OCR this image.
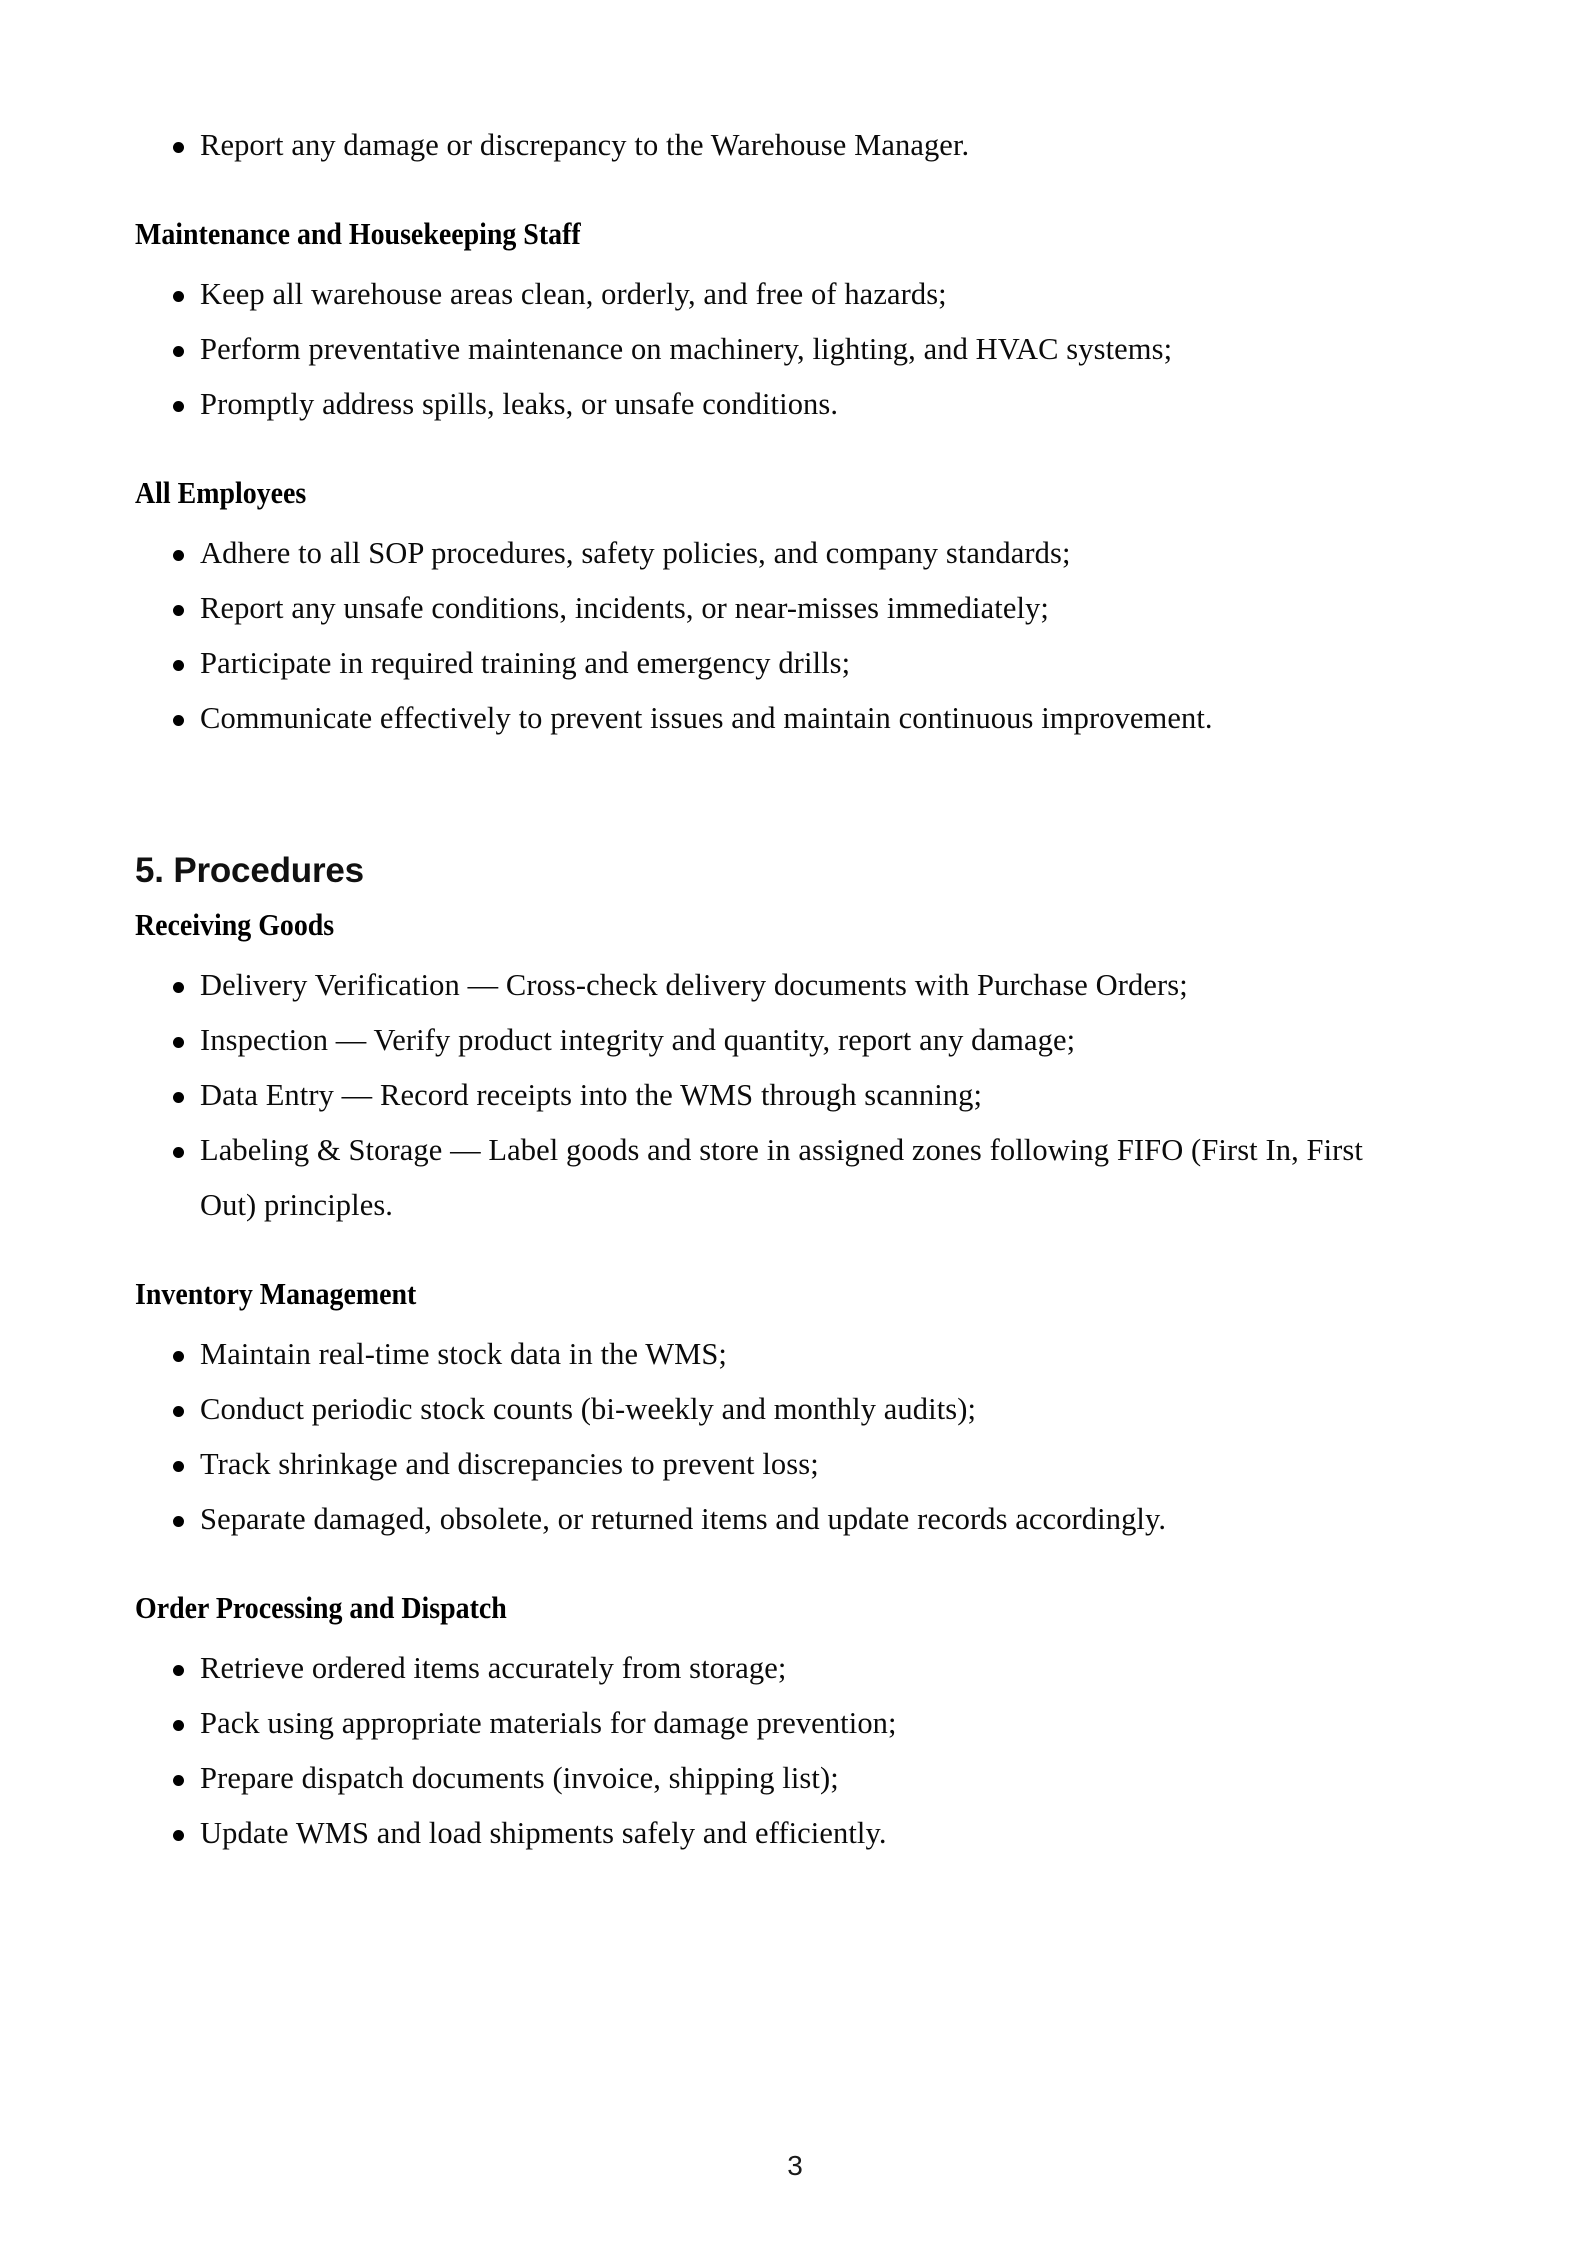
Report any damage or discrepancy to the Warehouse Manager.
Maintenance and Housekeeping Staff
Keep all warehouse areas clean, orderly, and free of hazards;
Perform preventative maintenance on machinery, lighting, and HVAC systems;
Promptly address spills, leaks, or unsafe conditions.
All Employees
Adhere to all SOP procedures, safety policies, and company standards;
Report any unsafe conditions, incidents, or near-misses immediately;
Participate in required training and emergency drills;
Communicate effectively to prevent issues and maintain continuous improvement.
5. Procedures
Receiving Goods
Delivery Verification — Cross-check delivery documents with Purchase Orders;
Inspection — Verify product integrity and quantity, report any damage;
Data Entry — Record receipts into the WMS through scanning;
Labeling & Storage — Label goods and store in assigned zones following FIFO (First In, First Out) principles.
Inventory Management
Maintain real-time stock data in the WMS;
Conduct periodic stock counts (bi-weekly and monthly audits);
Track shrinkage and discrepancies to prevent loss;
Separate damaged, obsolete, or returned items and update records accordingly.
Order Processing and Dispatch
Retrieve ordered items accurately from storage;
Pack using appropriate materials for damage prevention;
Prepare dispatch documents (invoice, shipping list);
Update WMS and load shipments safely and efficiently.
3
